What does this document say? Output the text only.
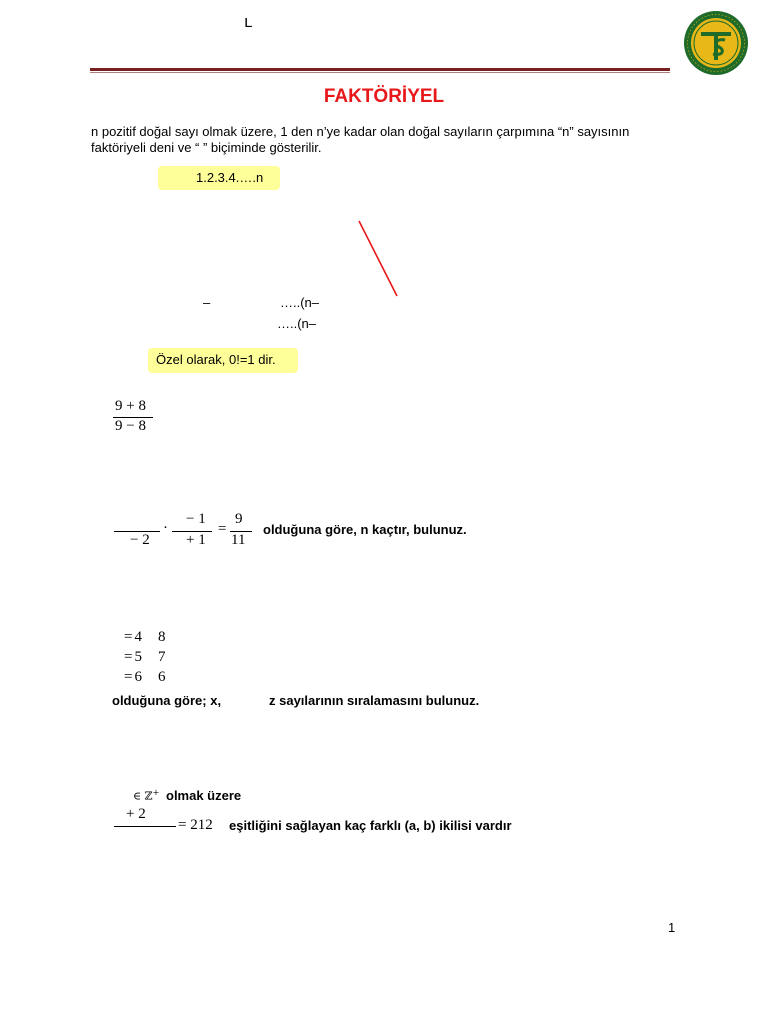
ʟ
FAKTÖRİYEL
n pozitif doğal sayı olmak üzere, 1 den n’ye kadar olan doğal sayıların çarpımına “n” sayısının
faktöriyeli deni ve “ ” biçiminde gösterilir.
1.2.3.4.….n
–	…..(n–
…..(n–
Özel olarak, 0!=1 dir.
9 + 8
9 − 8
− 2
·
− 1
+ 1
=
9
11
olduğuna göre, n kaçtır, bulunuz.
= 4 8
= 5 7
= 6 6
olduğuna göre; x,	z sayılarının sıralamasını bulunuz.
∈ ℤ+ olmak üzere
+ 2
= 212 eşitliğini sağlayan kaç farklı (a, b) ikilisi vardır
1
